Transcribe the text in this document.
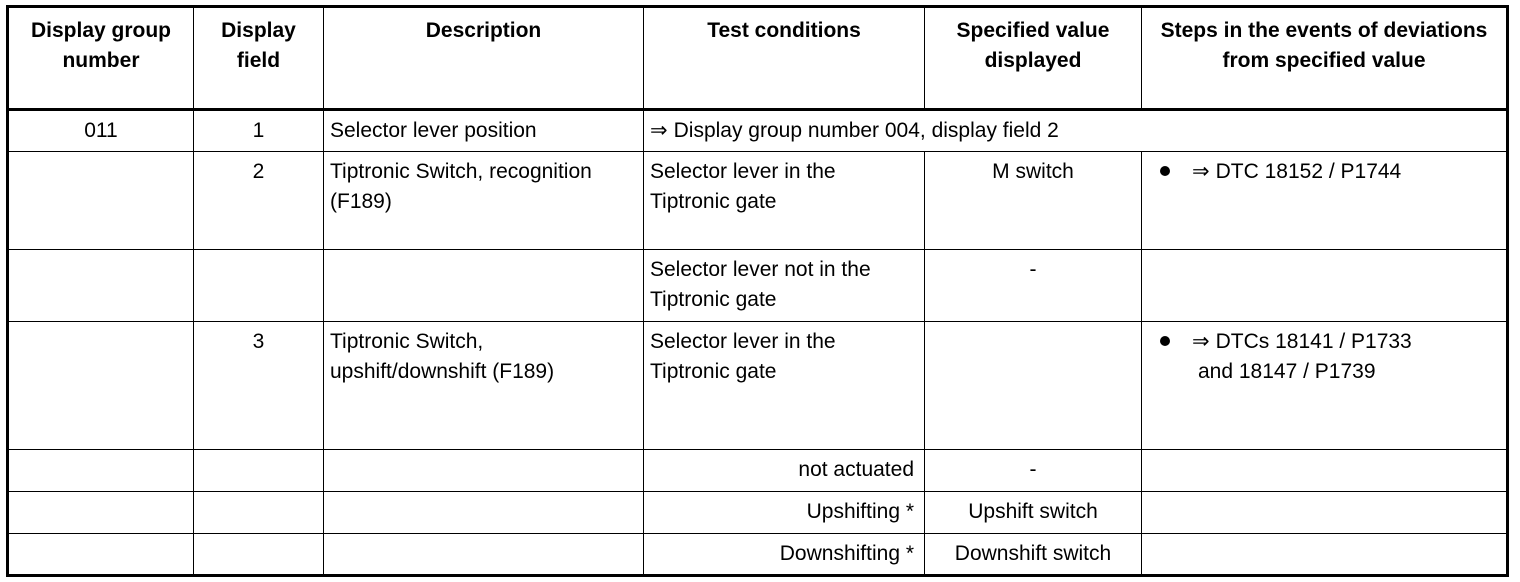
Display group number	Display field	Description	Test conditions	Specified value displayed	Steps in the events of deviations from specified value
011	1	Selector lever position	⇒ Display group number 004, display field 2		
	2	Tiptronic Switch, recognition (F189)	Selector lever in the Tiptronic gate	M switch	⇒ DTC 18152 / P1744
			Selector lever not in the Tiptronic gate	-	
	3	Tiptronic Switch, upshift/downshift (F189)	Selector lever in the Tiptronic gate		⇒ DTCs 18141 / P1733
and 18147 / P1739

			not actuated	-	
			Upshifting *	Upshift switch	
			Downshifting *	Downshift switch	
